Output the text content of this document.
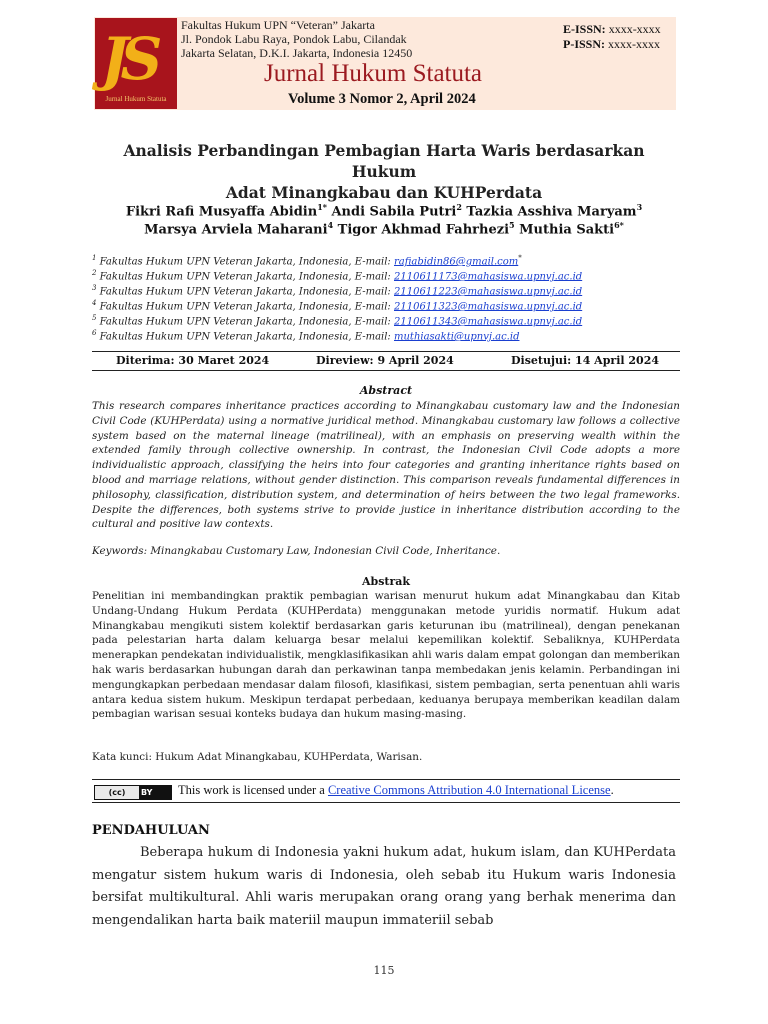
JS
Jurnal Hukum Statuta
Fakultas Hukum UPN “Veteran” Jakarta
Jl. Pondok Labu Raya, Pondok Labu, Cilandak
Jakarta Selatan, D.K.I. Jakarta, Indonesia 12450
E-ISSN: xxxx-xxxx
P-ISSN: xxxx-xxxx
Jurnal Hukum Statuta
Volume 3 Nomor 2, April 2024
Analisis Perbandingan Pembagian Harta Waris berdasarkan Hukum
Adat Minangkabau dan KUHPerdata
Fikri Rafi Musyaffa Abidin$^{1*}$ Andi Sabila Putri$^2$ Tazkia Asshiva Maryam$^3$
Marsya Arviela Maharani$^4$ Tigor Akhmad Fahrhezi$^5$ Muthia Sakti$^{6*}$
$^1$ Fakultas Hukum UPN Veteran Jakarta, Indonesia, E-mail: rafiabidin86@gmail.com*
$^2$ Fakultas Hukum UPN Veteran Jakarta, Indonesia, E-mail: 2110611173@mahasiswa.upnvj.ac.id
$^3$ Fakultas Hukum UPN Veteran Jakarta, Indonesia, E-mail: 2110611223@mahasiswa.upnvj.ac.id
$^4$ Fakultas Hukum UPN Veteran Jakarta, Indonesia, E-mail: 2110611323@mahasiswa.upnvj.ac.id
$^5$ Fakultas Hukum UPN Veteran Jakarta, Indonesia, E-mail: 2110611343@mahasiswa.upnvj.ac.id
$^6$ Fakultas Hukum UPN Veteran Jakarta, Indonesia, E-mail: muthiasakti@upnvj.ac.id
Diterima: 30 Maret 2024	Direview: 9 April 2024	Disetujui: 14 April 2024
Abstract
This research compares inheritance practices according to Minangkabau customary law and the Indonesian Civil Code (KUHPerdata) using a normative juridical method. Minangkabau customary law follows a collective system based on the maternal lineage (matrilineal), with an emphasis on preserving wealth within the extended family through collective ownership. In contrast, the Indonesian Civil Code adopts a more individualistic approach, classifying the heirs into four categories and granting inheritance rights based on blood and marriage relations, without gender distinction. This comparison reveals fundamental differences in philosophy, classification, distribution system, and determination of heirs between the two legal frameworks. Despite the differences, both systems strive to provide justice in inheritance distribution according to the cultural and positive law contexts.
Keywords: Minangkabau Customary Law, Indonesian Civil Code, Inheritance.
Abstrak
Penelitian ini membandingkan praktik pembagian warisan menurut hukum adat Minangkabau dan Kitab Undang-Undang Hukum Perdata (KUHPerdata) menggunakan metode yuridis normatif. Hukum adat Minangkabau mengikuti sistem kolektif berdasarkan garis keturunan ibu (matrilineal), dengan penekanan pada pelestarian harta dalam keluarga besar melalui kepemilikan kolektif. Sebaliknya, KUHPerdata menerapkan pendekatan individualistik, mengklasifikasikan ahli waris dalam empat golongan dan memberikan hak waris berdasarkan hubungan darah dan perkawinan tanpa membedakan jenis kelamin. Perbandingan ini mengungkapkan perbedaan mendasar dalam filosofi, klasifikasi, sistem pembagian, serta penentuan ahli waris antara kedua sistem hukum. Meskipun terdapat perbedaan, keduanya berupaya memberikan keadilan dalam pembagian warisan sesuai konteks budaya dan hukum masing-masing.
Kata kunci: Hukum Adat Minangkabau, KUHPerdata, Warisan.
(cc)	BY This work is licensed under a Creative Commons Attribution 4.0 International License.
PENDAHULUAN
Beberapa hukum di Indonesia yakni hukum adat, hukum islam, dan KUHPerdata mengatur sistem hukum waris di Indonesia, oleh sebab itu Hukum waris Indonesia bersifat multikultural. Ahli waris merupakan orang orang yang berhak menerima dan mengendalikan harta baik materiil maupun immateriil sebab
115
